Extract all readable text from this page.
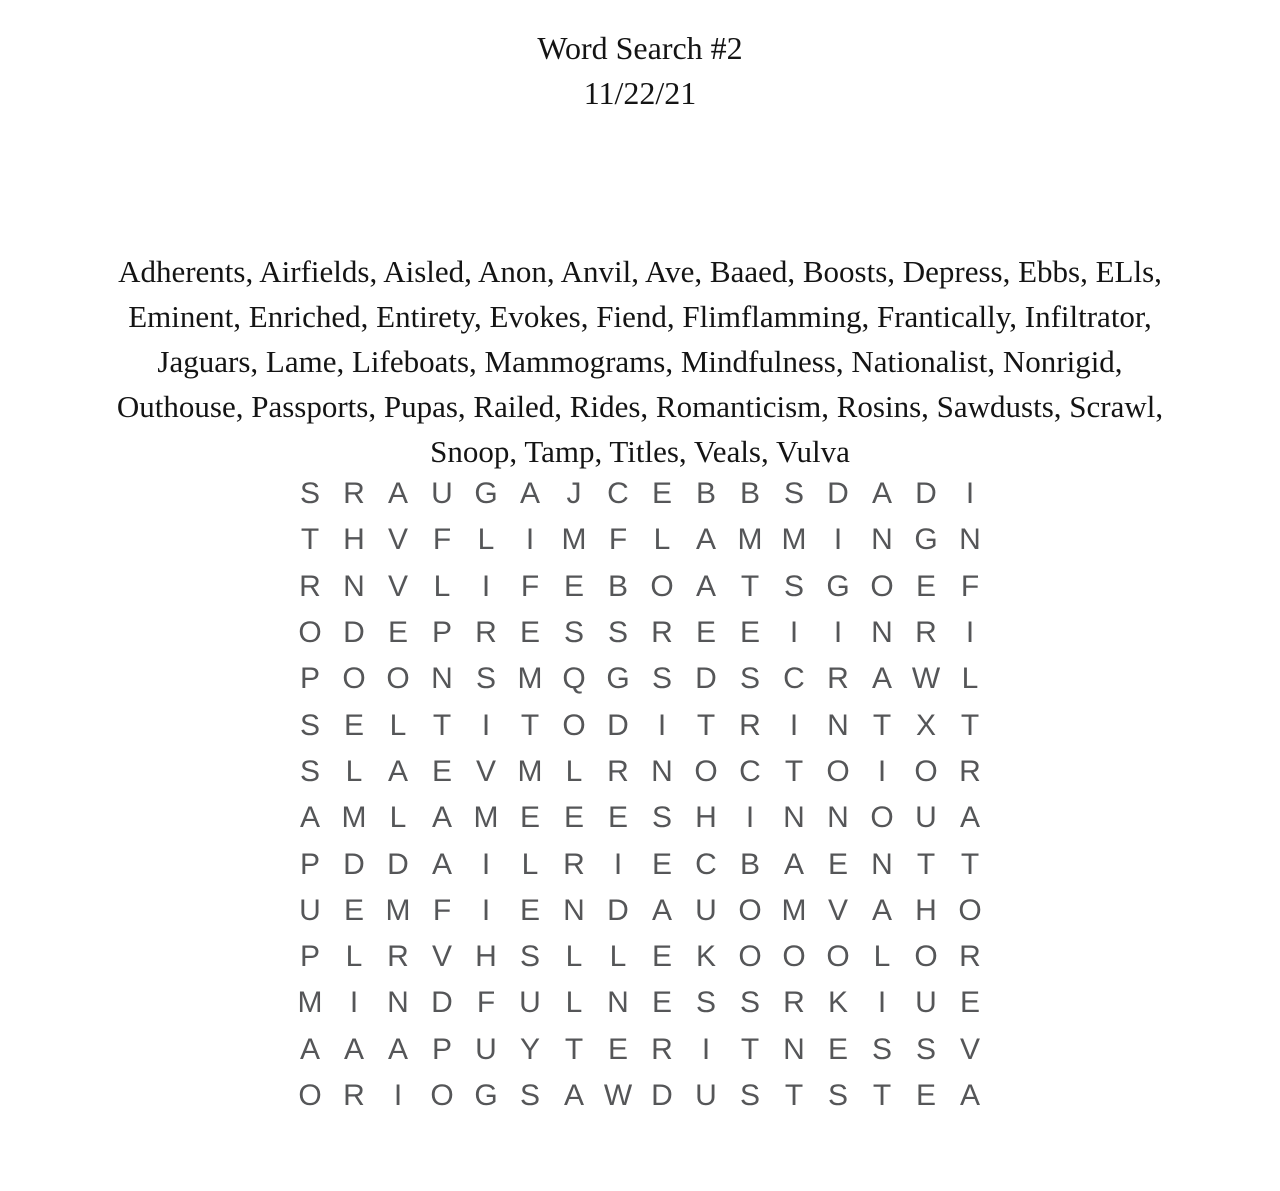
Word Search #2
11/22/21
Adherents, Airfields, Aisled, Anon, Anvil, Ave, Baaed, Boosts, Depress, Ebbs, ELls,
Eminent, Enriched, Entirety, Evokes, Fiend, Flimflamming, Frantically, Infiltrator,
Jaguars, Lame, Lifeboats, Mammograms, Mindfulness, Nationalist, Nonrigid,
Outhouse, Passports, Pupas, Railed, Rides, Romanticism, Rosins, Sawdusts, Scrawl,
Snoop, Tamp, Titles, Veals, Vulva
S R A U G A J C E B B S D A D I
T H V F L	I M F L A M M I N G N
R N V L	I	F E B O A T S G O E F
O D E P R E S S R E E I	I N R I
P O O N S M Q G S D S C R A W L
S E L T	I	T O D I	T R I N T X T
S L A E V M L R N O C T O I O R
A M L A M E E E S H I N N O U A
P D D A I	L R I E C B A E N T T
U E M F	I E N D A U O M V A H O
P L R V H S L L E K O O O L O R
M I N D F U L N E S S R K I U E
A A A P U Y T E R I	T N E S S V
O R I O G S A W D U S T S T E A
